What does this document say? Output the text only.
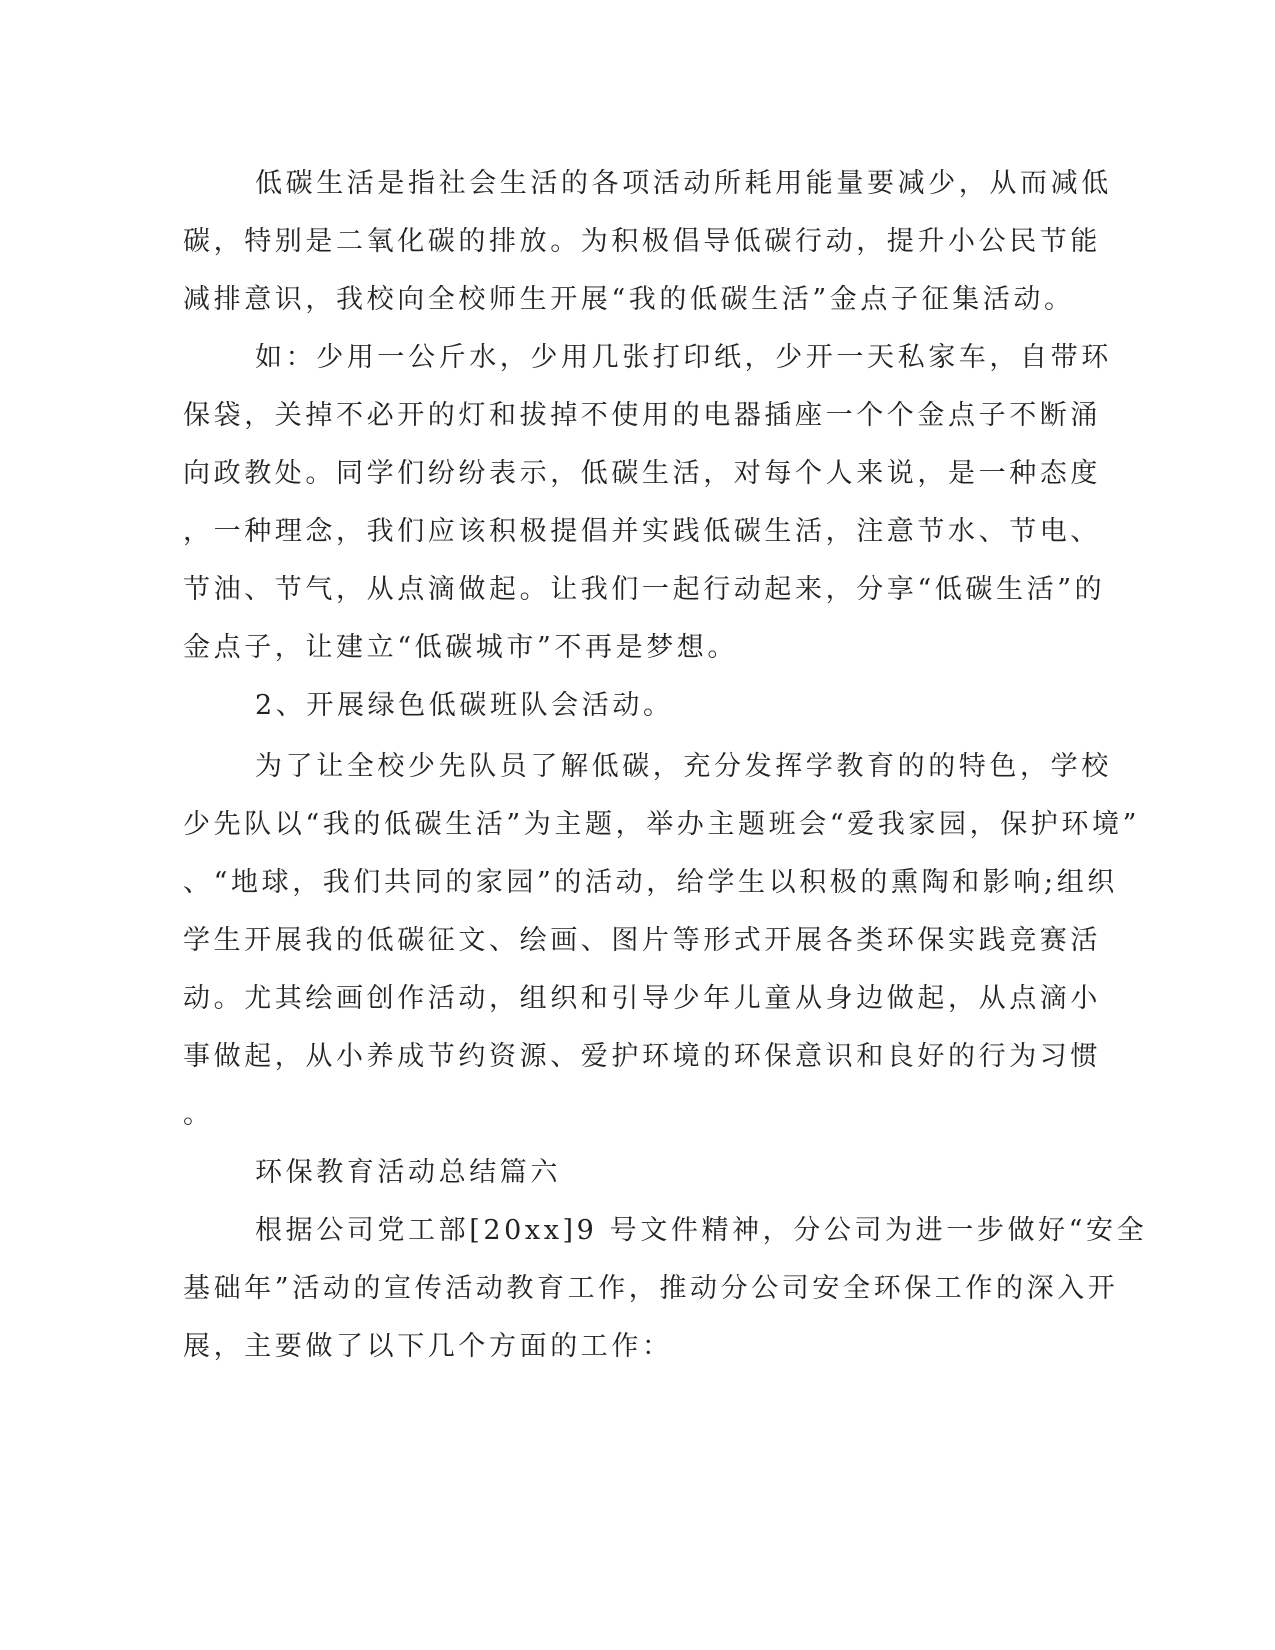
低碳生活是指社会生活的各项活动所耗用能量要减少，从而减低
碳，特别是二氧化碳的排放。为积极倡导低碳行动，提升小公民节能
减排意识，我校向全校师生开展“我的低碳生活”金点子征集活动。
如：少用一公斤水，少用几张打印纸，少开一天私家车，自带环
保袋，关掉不必开的灯和拔掉不使用的电器插座一个个金点子不断涌
向政教处。同学们纷纷表示，低碳生活，对每个人来说，是一种态度
，一种理念，我们应该积极提倡并实践低碳生活，注意节水、节电、
节油、节气，从点滴做起。让我们一起行动起来，分享“低碳生活”的
金点子，让建立“低碳城市”不再是梦想。
2、开展绿色低碳班队会活动。
为了让全校少先队员了解低碳，充分发挥学教育的的特色，学校
少先队以“我的低碳生活”为主题，举办主题班会“爱我家园，保护环境”
、“地球，我们共同的家园”的活动，给学生以积极的熏陶和影响;组织
学生开展我的低碳征文、绘画、图片等形式开展各类环保实践竞赛活
动。尤其绘画创作活动，组织和引导少年儿童从身边做起，从点滴小
事做起，从小养成节约资源、爱护环境的环保意识和良好的行为习惯
。
环保教育活动总结篇六
根据公司党工部[20xx]9 号文件精神，分公司为进一步做好“安全
基础年”活动的宣传活动教育工作，推动分公司安全环保工作的深入开
展，主要做了以下几个方面的工作：
